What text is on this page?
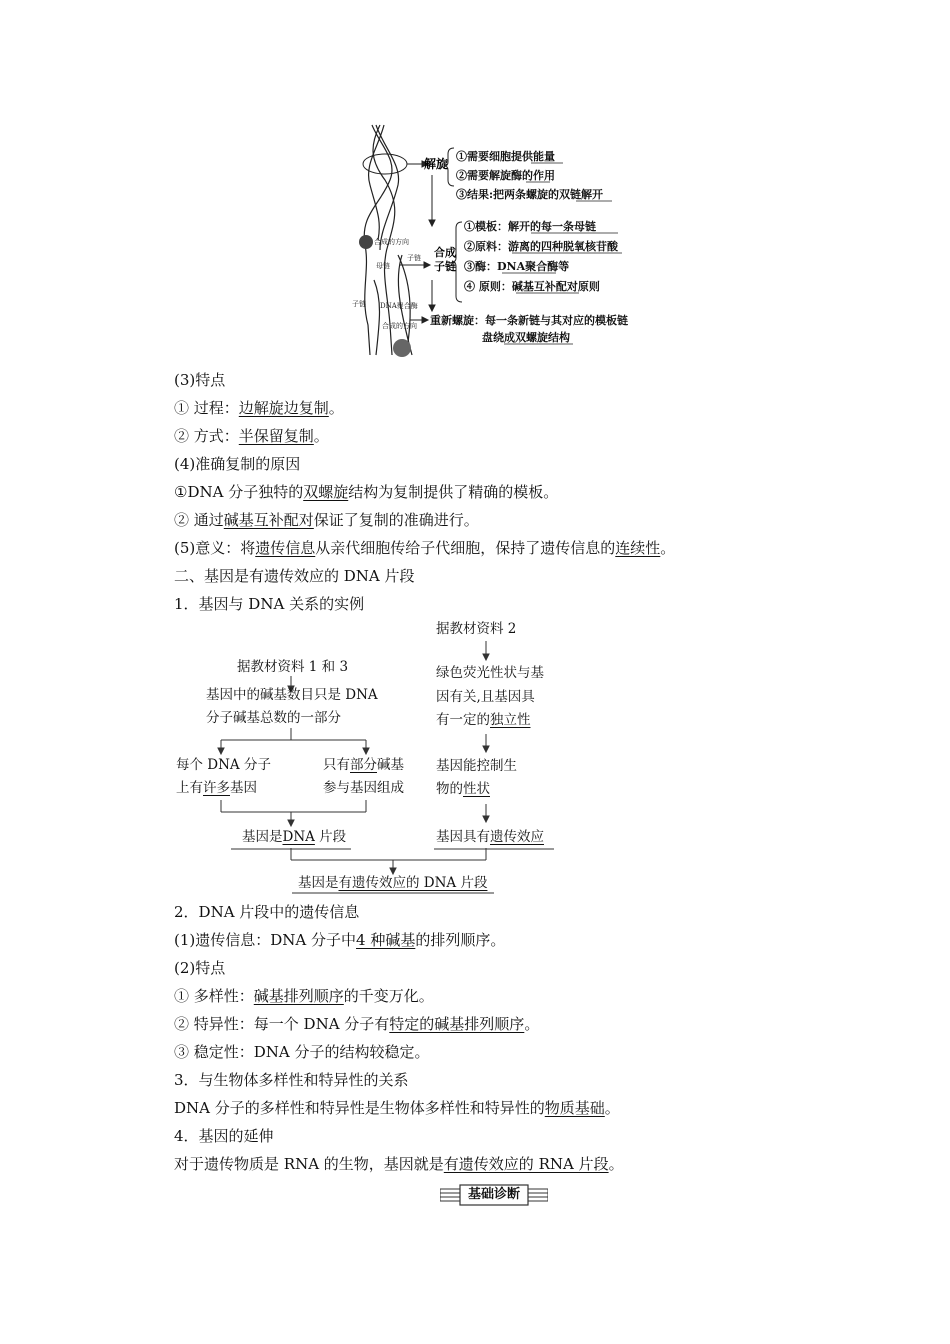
合成的方向
子链
母链
子链 DNA聚合酶
合成的方向
解旋
合成
子链
①需要细胞提供能量
②需要解旋酶的作用
③结果:把两条螺旋的双链解开
①模板：解开的每一条母链
②原料：游离的四种脱氧核苷酸
③酶：DNA聚合酶等
④ 原则：碱基互补配对原则
重新螺旋：每一条新链与其对应的模板链
盘绕成双螺旋结构
(3)特点
① 过程：边解旋边复制。
② 方式：半保留复制。
(4)准确复制的原因
①DNA 分子独特的双螺旋结构为复制提供了精确的模板。
② 通过碱基互补配对保证了复制的准确进行。
(5)意义：将遗传信息从亲代细胞传给子代细胞，保持了遗传信息的连续性。
二、基因是有遗传效应的 DNA 片段
1．基因与 DNA 关系的实例
据教材资料 1 和 3
基因中的碱基数目只是 DNA
分子碱基总数的一部分
每个 DNA 分子
上有许多基因
只有部分碱基
参与基因组成
基因是DNA 片段
据教材资料 2
绿色荧光性状与基
因有关,且基因具
有一定的独立性
基因能控制生
物的性状
基因具有遗传效应
基因是有遗传效应的 DNA 片段
2．DNA 片段中的遗传信息
(1)遗传信息：DNA 分子中4 种碱基的排列顺序。
(2)特点
① 多样性：碱基排列顺序的千变万化。
② 特异性：每一个 DNA 分子有特定的碱基排列顺序。
③ 稳定性：DNA 分子的结构较稳定。
3．与生物体多样性和特异性的关系
DNA 分子的多样性和特异性是生物体多样性和特异性的物质基础。
4．基因的延伸
对于遗传物质是 RNA 的生物，基因就是有遗传效应的 RNA 片段。
基础诊断
